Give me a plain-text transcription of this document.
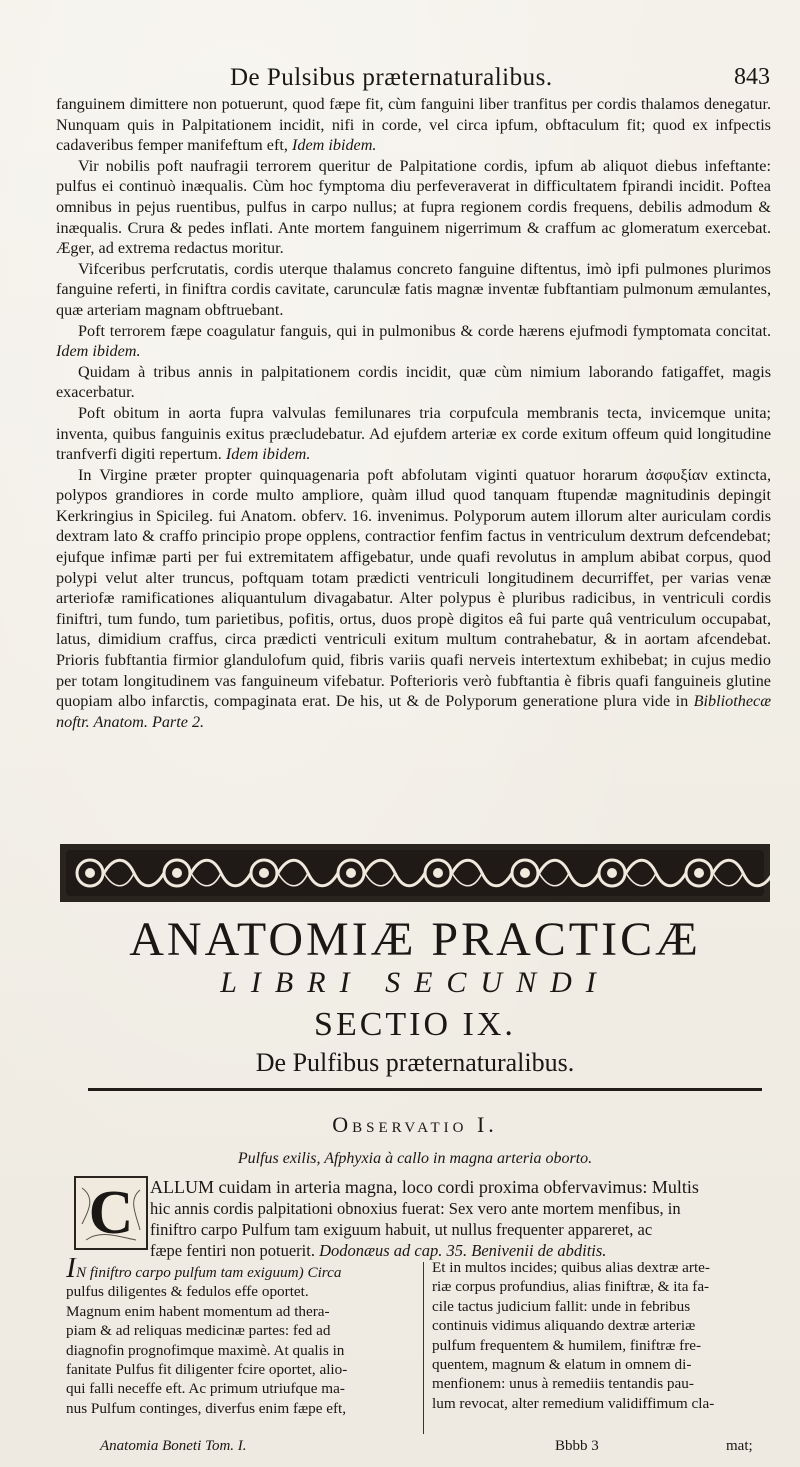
De Pulsibus præternaturalibus.	843

fanguinem dimittere non potuerunt, quod fæpe fit, cùm fanguini liber tranfitus per cordis thalamos denegatur. Nunquam quis in Palpitationem incidit, nifi in corde, vel circa ipfum, obftaculum fit; quod ex infpectis cadaveribus femper manifeftum eft, Idem ibidem.

Vir nobilis poft naufragii terrorem queritur de Palpitatione cordis, ipfum ab aliquot diebus infeftante: pulfus ei continuò inæqualis. Cùm hoc fymptoma diu perfeveraverat in difficultatem fpirandi incidit. Poftea omnibus in pejus ruentibus, pulfus in carpo nullus; at fupra regionem cordis frequens, debilis admodum & inæqualis. Crura & pedes inflati. Ante mortem fanguinem nigerrimum & craffum ac glomeratum exercebat. Æger, ad extrema redactus moritur.

Vifceribus perfcrutatis, cordis uterque thalamus concreto fanguine diftentus, imò ipfi pulmones plurimos fanguine referti, in finiftra cordis cavitate, carunculæ fatis magnæ inventæ fubftantiam pulmonum æmulantes, quæ arteriam magnam obftruebant.

Poft terrorem fæpe coagulatur fanguis, qui in pulmonibus & corde hærens ejufmodi fymptomata concitat. Idem ibidem.

Quidam à tribus annis in palpitationem cordis incidit, quæ cùm nimium laborando fatigaffet, magis exacerbatur.

Poft obitum in aorta fupra valvulas femilunares tria corpufcula membranis tecta, invicemque unita; inventa, quibus fanguinis exitus præcludebatur. Ad ejufdem arteriæ ex corde exitum offeum quid longitudine tranfverfi digiti repertum. Idem ibidem.

In Virgine præter propter quinquagenaria poft abfolutam viginti quatuor horarum ἀσφυξίαν extincta, polypos grandiores in corde multo ampliore, quàm illud quod tanquam ftupendæ magnitudinis depingit Kerkringius in Spicileg. fui Anatom. obferv. 16. invenimus. Polyporum autem illorum alter auriculam cordis dextram lato & craffo principio prope opplens, contractior fenfim factus in ventriculum dextrum defcendebat; ejufque infimæ parti per fui extremitatem affigebatur, unde quafi revolutus in amplum abibat corpus, quod polypi velut alter truncus, poftquam totam prædicti ventriculi longitudinem decurriffet, per varias venæ arteriofæ ramificationes aliquantulum divagabatur. Alter polypus è pluribus radicibus, in ventriculi cordis finiftri, tum fundo, tum parietibus, pofitis, ortus, duos propè digitos eâ fui parte quâ ventriculum occupabat, latus, dimidium craffus, circa prædicti ventriculi exitum multum contrahebatur, & in aortam afcendebat. Prioris fubftantia firmior glandulofum quid, fibris variis quafi nerveis intertextum exhibebat; in cujus medio per totam longitudinem vas fanguineum vifebatur. Pofterioris verò fubftantia è fibris quafi fanguineis glutine quopiam albo infarctis, compaginata erat. De his, ut & de Polyporum generatione plura vide in Bibliothecæ noftr. Anatom. Parte 2.

ANATOMIÆ PRACTICÆ
LIBRI SECUNDI
SECTIO IX.
De Pulfibus præternaturalibus.
Observatio I.
Pulfus exilis, Afphyxia à callo in magna arteria oborto.
C ALLUM cuidam in arteria magna, loco cordi proxima obfervavimus: Multis
hic annis cordis palpitationi obnoxius fuerat: Sex vero ante mortem menfibus, in
finiftro carpo Pulfum tam exiguum habuit, ut nullus frequenter appareret, ac
fæpe fentiri non potuerit. Dodonæus ad cap. 35. Benivenii de abditis.
IN finiftro carpo pulfum tam exiguum) Circa
pulfus diligentes & fedulos effe oportet.
Magnum enim habent momentum ad thera-
piam & ad reliquas medicinæ partes: fed ad
diagnofin prognofimque maximè. At qualis in
fanitate Pulfus fit diligenter fcire oportet, alio-
qui falli neceffe eft. Ac primum utriufque ma-
nus Pulfum continges, diverfus enim fæpe eft,
Et in multos incides; quibus alias dextræ arte-
riæ corpus profundius, alias finiftræ, & ita fa-
cile tactus judicium fallit: unde in febribus
continuis vidimus aliquando dextræ arteriæ
pulfum frequentem & humilem, finiftræ fre-
quentem, magnum & elatum in omnem di-
menfionem: unus à remediis tentandis pau-
lum revocat, alter remedium validiffimum cla-
Anatomia Boneti Tom. I.	Bbbb 3	mat;
